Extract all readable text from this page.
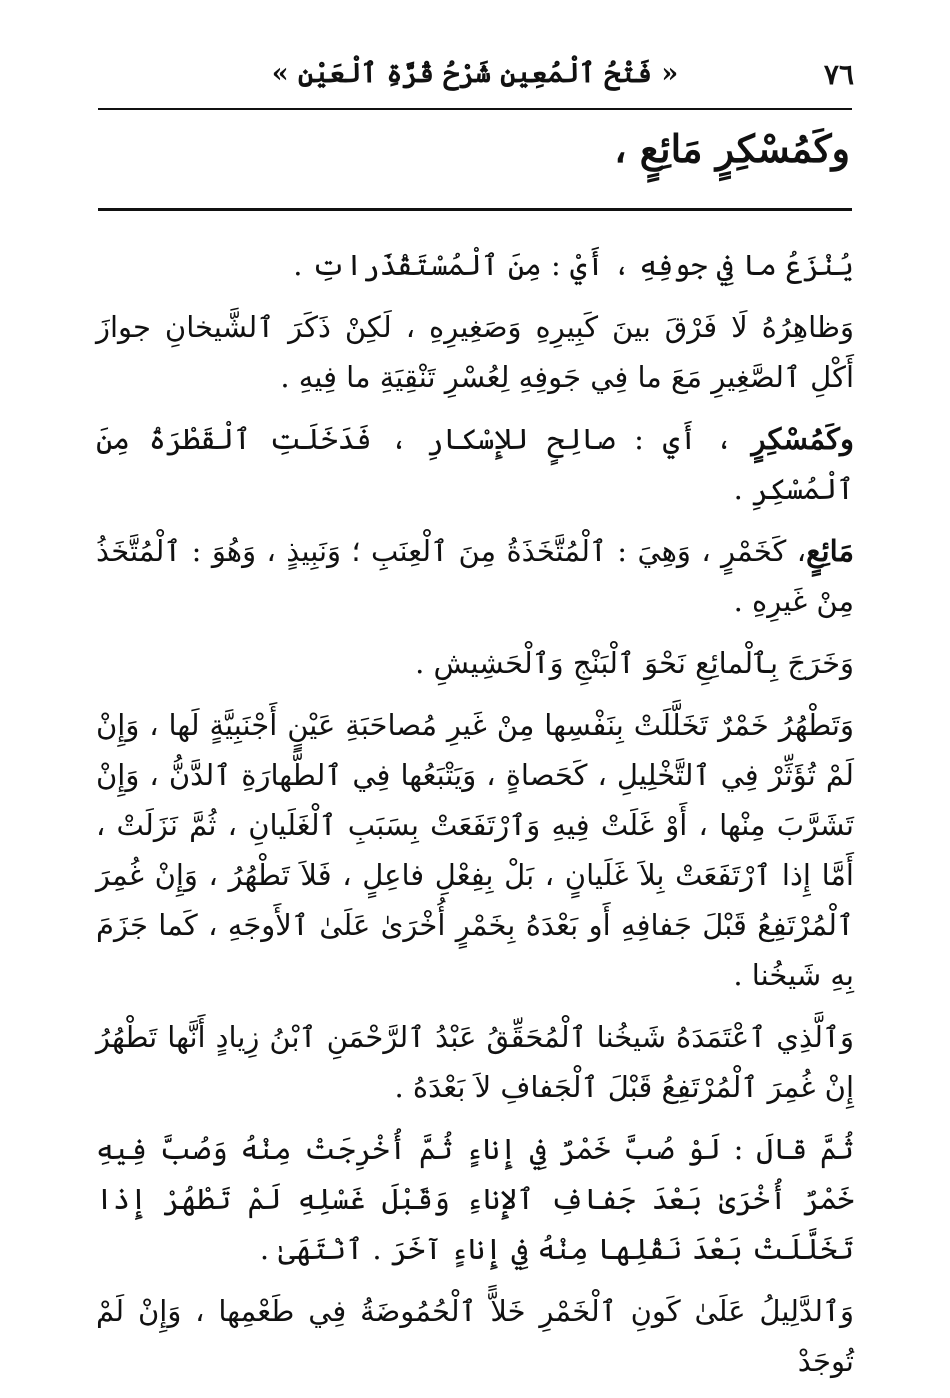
٧٦
« فَتْحُ ٱلْمُعِينِ شَرْحُ قُرَّةِ ٱلْعَيْنِ »
وكَمُسْكِرٍ مَائِعٍ ،

يُنْزَعُ ما فِي جوفِهِ ، أَيْ : مِنَ ٱلْمُسْتَقْذَراتِ .

وَظاهِرُهُ لَا فَرْقَ بينَ كَبِيرِهِ وَصَغِيرِهِ ، لَكِنْ ذَكَرَ ٱلشَّيخانِ جوازَ أَكْلِ ٱلصَّغِيرِ مَعَ ما فِي جَوفِهِ لِعُسْرِ تَنْقِيَةِ ما فِيهِ .

وكَمُسْكِرٍ ، أَي : صالِحٍ للإِسْكارِ ، فَدَخَلَتِ ٱلْقَطْرَةُ مِنَ ٱلْمُسْكِرِ .

مَائِعٍ، كَخَمْرٍ ، وَهِيَ : ٱلْمُتَّخَذَةُ مِنَ ٱلْعِنَبِ ؛ وَنَبِيذٍ ، وَهُوَ : ٱلْمُتَّخَذُ مِنْ غَيرِهِ .

وَخَرَجَ بِٱلْمائِعِ نَحْوَ ٱلْبَنْجِ وَٱلْحَشِيشِ .

وَتَطْهُرُ خَمْرٌ تَخَلَّلَتْ بِنَفْسِها مِنْ غَيرِ مُصاحَبَةِ عَيْنٍ أَجْنَبِيَّةٍ لَها ، وَإِنْ لَمْ تُؤَثِّرْ فِي ٱلتَّخْلِيلِ ، كَحَصاةٍ ، وَيَتْبَعُها فِي ٱلطَّهارَةِ ٱلدَّنُّ ، وَإِنْ تَشَرَّبَ مِنْها ، أَوْ غَلَتْ فِيهِ وَٱرْتَفَعَتْ بِسَبَبِ ٱلْغَلَيانِ ، ثُمَّ نَزَلَتْ ، أَمَّا إِذا ٱرْتَفَعَتْ بِلاَ غَلَيانٍ ، بَلْ بِفِعْلِ فاعِلٍ ، فَلاَ تَطْهُرُ ، وَإِنْ غُمِرَ ٱلْمُرْتَفِعُ قَبْلَ جَفافِهِ أَو بَعْدَهُ بِخَمْرٍ أُخْرَىٰ عَلَىٰ ٱلأَوجَهِ ، كَما جَزَمَ بِهِ شَيخُنا .

وَٱلَّذِي ٱعْتَمَدَهُ شَيخُنا ٱلْمُحَقِّقُ عَبْدُ ٱلرَّحْمَنِ ٱبْنُ زِيادٍ أَنَّها تَطْهُرُ إِنْ غُمِرَ ٱلْمُرْتَفِعُ قَبْلَ ٱلْجَفافِ لاَ بَعْدَهُ .

ثُمَّ قالَ : لَوْ صُبَّ خَمْرٌ فِي إِناءٍ ثُمَّ أُخْرِجَتْ مِنْهُ وَصُبَّ فِيهِ خَمْرٌ أُخْرَىٰ بَعْدَ جَفافِ ٱلإِناءِ وَقَبْلَ غَسْلِهِ لَمْ تَطْهُرْ إِذا تَخَلَّلَتْ بَعْدَ نَقْلِها مِنْهُ فِي إِناءٍ آخَرَ . ٱنْتَهَىٰ .

وَٱلدَّلِيلُ عَلَىٰ كَونِ ٱلْخَمْرِ خَلاًّ ٱلْحُمُوضَةُ فِي طَعْمِها ، وَإِنْ لَمْ تُوجَدْ
